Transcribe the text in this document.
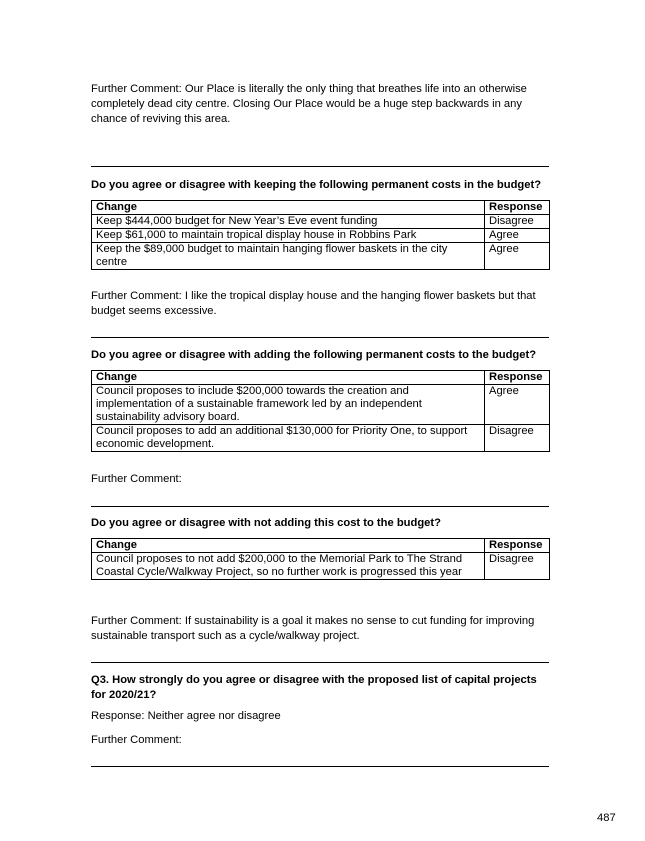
Further Comment: Our Place is literally the only thing that breathes life into an otherwise completely dead city centre. Closing Our Place would be a huge step backwards in any chance of reviving this area.
Do you agree or disagree with keeping the following permanent costs in the budget?
Change	Response
Keep $444,000 budget for New Year’s Eve event funding	Disagree
Keep $61,000 to maintain tropical display house in Robbins Park	Agree
Keep the $89,000 budget to maintain hanging flower baskets in the city centre	Agree
Further Comment: I like the tropical display house and the hanging flower baskets but that budget seems excessive.
Do you agree or disagree with adding the following permanent costs to the budget?
Change	Response
Council proposes to include $200,000 towards the creation and implementation of a sustainable framework led by an independent sustainability advisory board.	Agree
Council proposes to add an additional $130,000 for Priority One, to support economic development.	Disagree
Further Comment:
Do you agree or disagree with not adding this cost to the budget?
Change	Response
Council proposes to not add $200,000 to the Memorial Park to The Strand Coastal Cycle/Walkway Project, so no further work is progressed this year	Disagree
Further Comment: If sustainability is a goal it makes no sense to cut funding for improving sustainable transport such as a cycle/walkway project.
Q3. How strongly do you agree or disagree with the proposed list of capital projects for 2020/21?
Response: Neither agree nor disagree
Further Comment:
487
